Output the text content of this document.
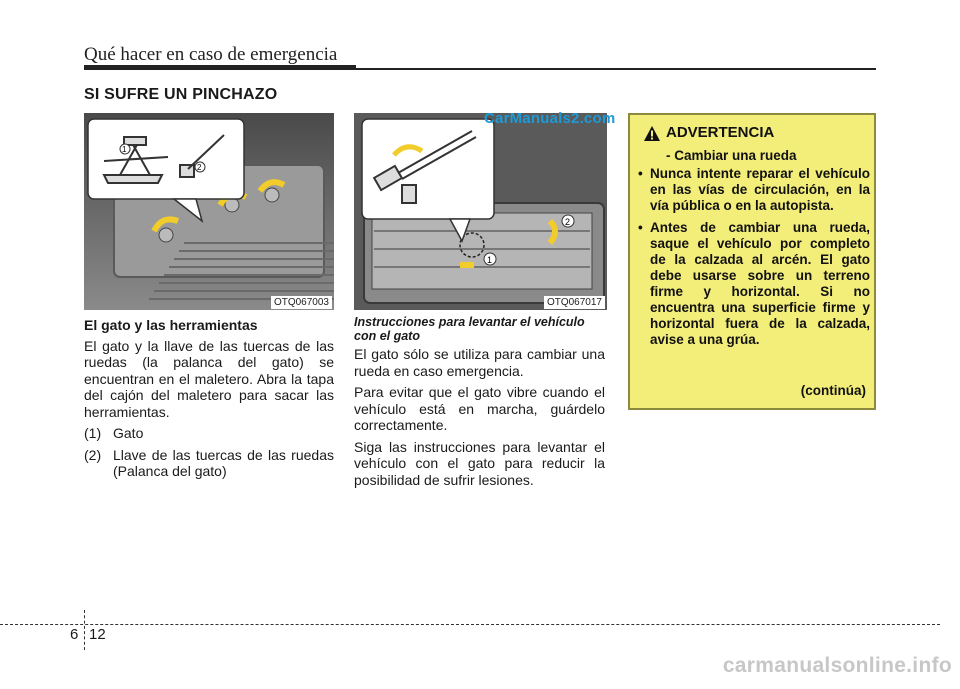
Qué hacer en caso de emergencia
SI SUFRE UN PINCHAZO
1
2
OTQ067003
1
2
OTQ067017
CarManuals2.com
El gato y las herramientas

El gato y la llave de las tuercas de las ruedas (la palanca del gato) se encuentran en el maletero. Abra la tapa del cajón del maletero para sacar las herramientas.

(1) Gato
(2) Llave de las tuercas de las ruedas (Palanca del gato)
Instrucciones para levantar el vehículo con el gato

El gato sólo se utiliza para cambiar una rueda en caso emergencia.

Para evitar que el gato vibre cuando el vehículo está en marcha, guárdelo correctamente.

Siga las instrucciones para levantar el vehículo con el gato para reducir la posibilidad de sufrir lesiones.

ADVERTENCIA
- Cambiar una rueda
• Nunca intente reparar el vehículo en las vías de circulación, en la vía pública o en la autopista.
• Antes de cambiar una rueda, saque el vehículo por completo de la calzada al arcén. El gato debe usarse sobre un terreno firme y horizontal. Si no encuentra una superficie firme y horizontal fuera de la calzada, avise a una grúa.
(continúa)
6 12
carmanualsonline.info
